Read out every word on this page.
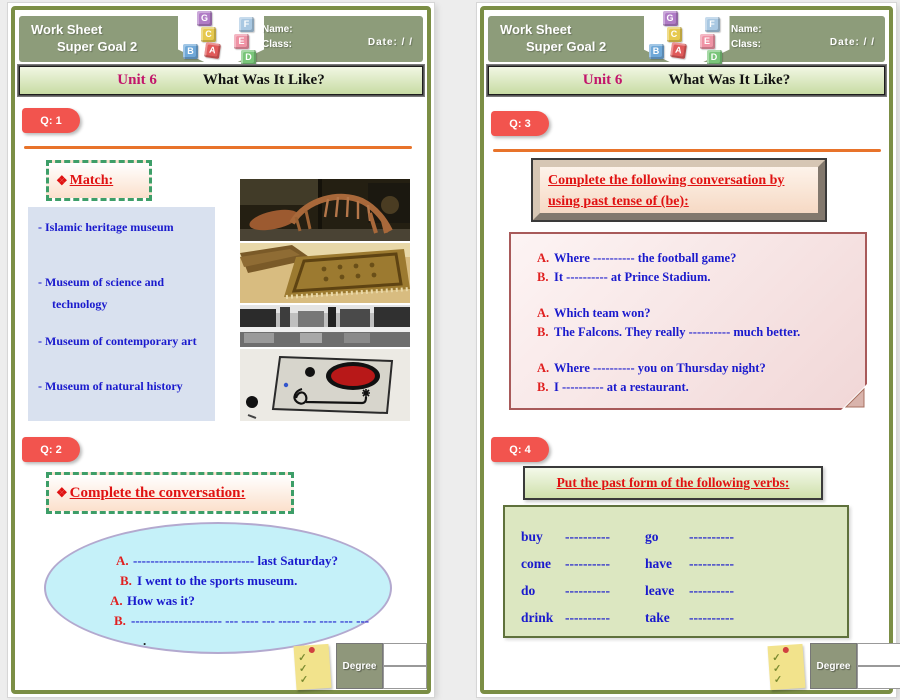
Work Sheet
Super Goal 2
G
C
B	A
F
E
D
Name:
Class:	Date: / /
Unit 6	What Was It Like?
Q: 1
❖ Match:
- Islamic heritage museum
- Museum of science and
technology
- Museum of contemporary art
- Museum of natural history
Q: 2
❖ Complete the conversation:
A. ---------------------------- last Saturday?
B. I went to the sports museum.
A. How was it?
B. --------------------- --- ---- --- ----- --- ---- --- ---
.
✓
✓
✓
Degree
Work Sheet
Super Goal 2
G
C
B	A
F
E
D
Name:
Class:	Date: / /
Unit 6	What Was It Like?
Q: 3
Complete the following conversation by using past tense of (be):
A. Where ---------- the football game?
B. It ---------- at Prince Stadium.
A. Which team won?
B. The Falcons. They really ---------- much better.
A. Where ---------- you on Thursday night?
B. I ---------- at a restaurant.
Q: 4
Put the past form of the following verbs:
buy	----------	go	----------
come	----------	have	----------
do	----------	leave	----------
drink ----------	take	----------
✓
✓
✓
Degree
